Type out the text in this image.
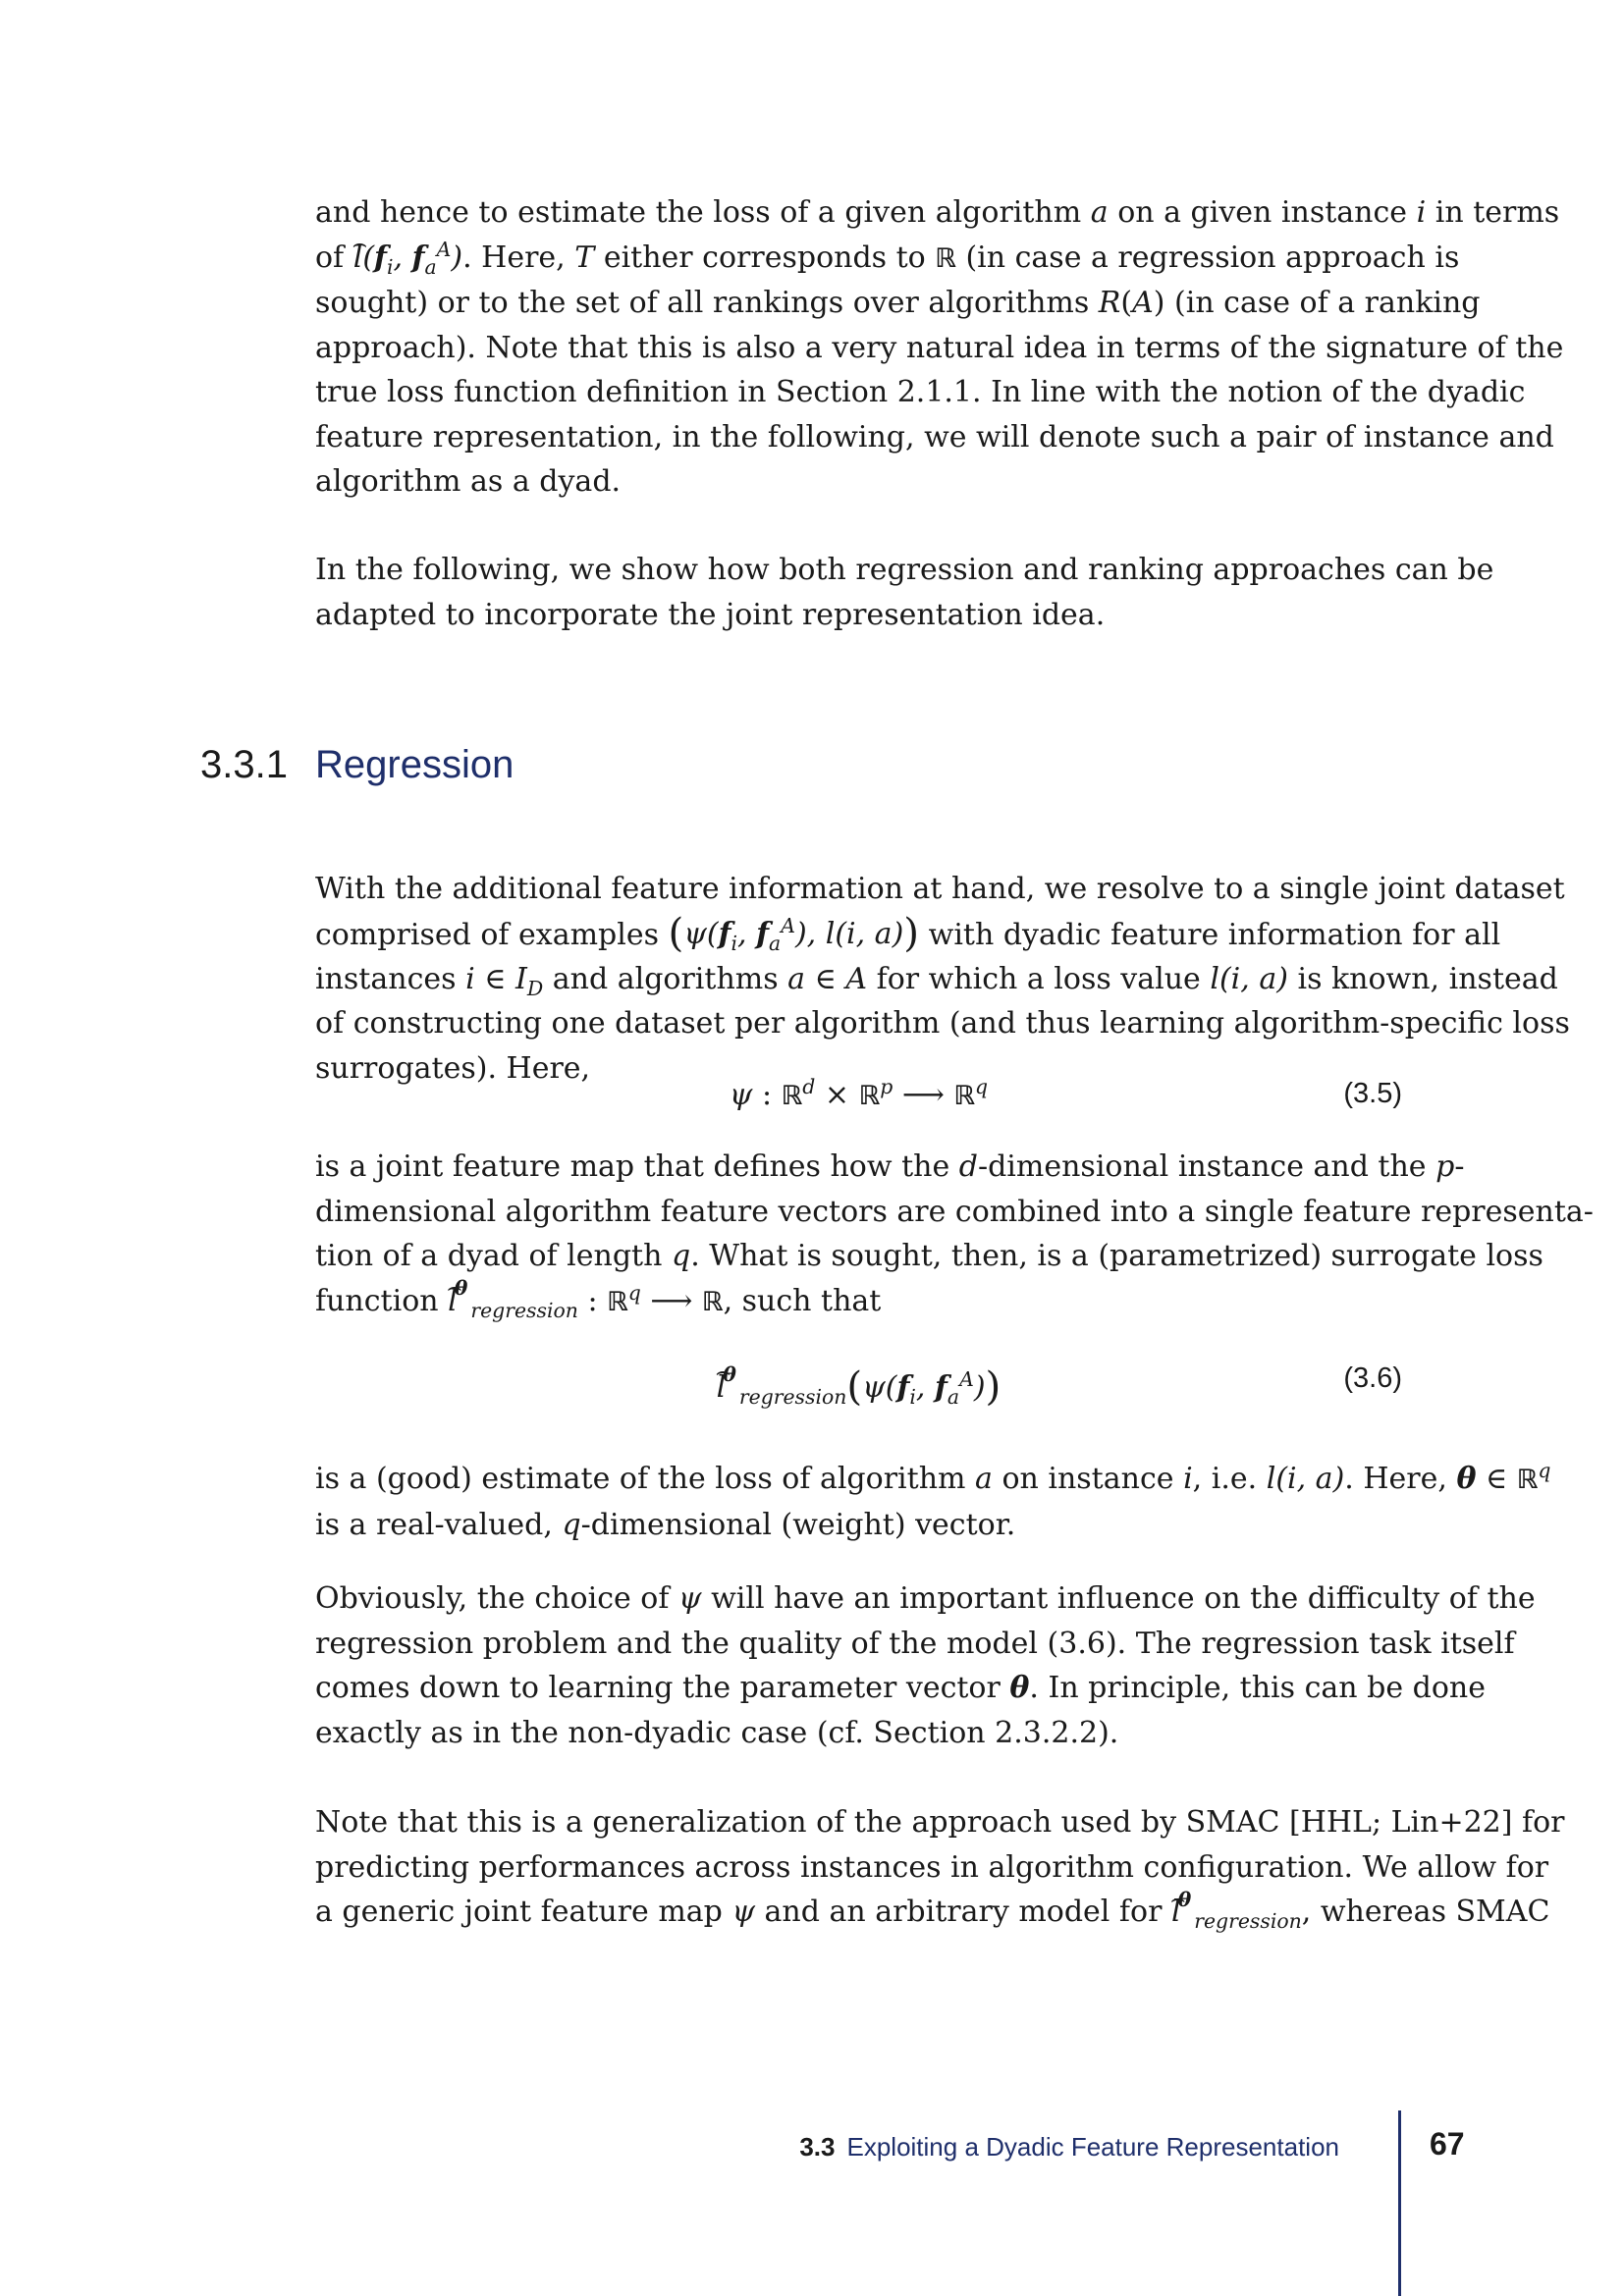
and hence to estimate the loss of a given algorithm a on a given instance i in terms
of ⌢ $l(f_i$, $f_a^A$). Here, T either corresponds to ℝ (in case a regression approach is
sought) or to the set of all rankings over algorithms R(A) (in case of a ranking
approach). Note that this is also a very natural idea in terms of the signature of the
true loss function definition in Section 2.1.1. In line with the notion of the dyadic
feature representation, in the following, we will denote such a pair of instance and
algorithm as a dyad.
In the following, we show how both regression and ranking approaches can be
adapted to incorporate the joint representation idea.
3.3.1 Regression
With the additional feature information at hand, we resolve to a single joint dataset
comprised of examples ($\psi(f_i$, $f_a^A$), l(i, a)) with dyadic feature information for all
instances i ∈ $I_D$ and algorithms a ∈ A for which a loss value l(i, a) is known, instead
of constructing one dataset per algorithm (and thus learning algorithm-specific loss
surrogates). Here,
ψ : ℝ$^d$ × ℝ$^p$ ⟶ ℝ$^q$	(3.5)
is a joint feature map that defines how the d-dimensional instance and the p-
dimensional algorithm feature vectors are combined into a single feature representa-
tion of a dyad of length q. What is sought, then, is a (parametrized) surrogate loss
function ⌢ $l^\theta_{regression}$ : ℝ$^q$ ⟶ ℝ, such that
⌢ $l^\theta_{regression}(\psi(f_i$, $f_a^A$))	(3.6)
is a (good) estimate of the loss of algorithm a on instance i, i.e. l(i, a). Here, θ ∈ ℝ$^q$
is a real-valued, q-dimensional (weight) vector.
Obviously, the choice of ψ will have an important influence on the difficulty of the
regression problem and the quality of the model (3.6). The regression task itself
comes down to learning the parameter vector θ. In principle, this can be done
exactly as in the non-dyadic case (cf. Section 2.3.2.2).
Note that this is a generalization of the approach used by SMAC [HHL; Lin+22] for
predicting performances across instances in algorithm configuration. We allow for
a generic joint feature map ψ and an arbitrary model for ⌢ $l^\theta_{regression}$, whereas SMAC
3.3 Exploiting a Dyadic Feature Representation	67
